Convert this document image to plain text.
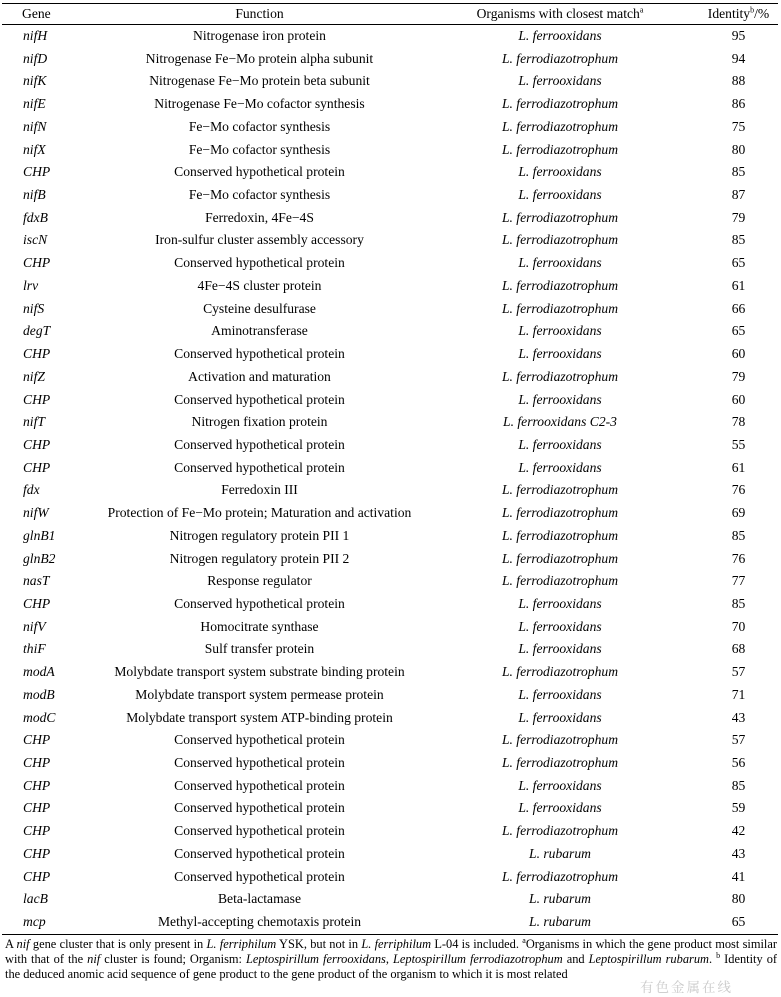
Gene	Function	Organisms with closest match$^a$	Identity$^b$/%
nifH	Nitrogenase iron protein	L. ferrooxidans	95
nifD	Nitrogenase Fe−Mo protein alpha subunit	L. ferrodiazotrophum	94
nifK	Nitrogenase Fe−Mo protein beta subunit	L. ferrooxidans	88
nifE	Nitrogenase Fe−Mo cofactor synthesis	L. ferrodiazotrophum	86
nifN	Fe−Mo cofactor synthesis	L. ferrodiazotrophum	75
nifX	Fe−Mo cofactor synthesis	L. ferrodiazotrophum	80
CHP	Conserved hypothetical protein	L. ferrooxidans	85
nifB	Fe−Mo cofactor synthesis	L. ferrooxidans	87
fdxB	Ferredoxin, 4Fe−4S	L. ferrodiazotrophum	79
iscN	Iron-sulfur cluster assembly accessory	L. ferrodiazotrophum	85
CHP	Conserved hypothetical protein	L. ferrooxidans	65
lrv	4Fe−4S cluster protein	L. ferrodiazotrophum	61
nifS	Cysteine desulfurase	L. ferrodiazotrophum	66
degT	Aminotransferase	L. ferrooxidans	65
CHP	Conserved hypothetical protein	L. ferrooxidans	60
nifZ	Activation and maturation	L. ferrodiazotrophum	79
CHP	Conserved hypothetical protein	L. ferrooxidans	60
nifT	Nitrogen fixation protein	L. ferrooxidans C2-3	78
CHP	Conserved hypothetical protein	L. ferrooxidans	55
CHP	Conserved hypothetical protein	L. ferrooxidans	61
fdx	Ferredoxin III	L. ferrodiazotrophum	76
nifW	Protection of Fe−Mo protein; Maturation and activation	L. ferrodiazotrophum	69
glnB1	Nitrogen regulatory protein PII 1	L. ferrodiazotrophum	85
glnB2	Nitrogen regulatory protein PII 2	L. ferrodiazotrophum	76
nasT	Response regulator	L. ferrodiazotrophum	77
CHP	Conserved hypothetical protein	L. ferrooxidans	85
nifV	Homocitrate synthase	L. ferrooxidans	70
thiF	Sulf transfer protein	L. ferrooxidans	68
modA	Molybdate transport system substrate binding protein	L. ferrodiazotrophum	57
modB	Molybdate transport system permease protein	L. ferrooxidans	71
modC	Molybdate transport system ATP-binding protein	L. ferrooxidans	43
CHP	Conserved hypothetical protein	L. ferrodiazotrophum	57
CHP	Conserved hypothetical protein	L. ferrodiazotrophum	56
CHP	Conserved hypothetical protein	L. ferrooxidans	85
CHP	Conserved hypothetical protein	L. ferrooxidans	59
CHP	Conserved hypothetical protein	L. ferrodiazotrophum	42
CHP	Conserved hypothetical protein	L. rubarum	43
CHP	Conserved hypothetical protein	L. ferrodiazotrophum	41
lacB	Beta-lactamase	L. rubarum	80
mcp	Methyl-accepting chemotaxis protein	L. rubarum	65
A nif gene cluster that is only present in L. ferriphilum YSK, but not in L. ferriphilum L-04 is included. $^a$Organisms in which the gene product most similar with that of the nif cluster is found; Organism: Leptospirillum ferrooxidans, Leptospirillum ferrodiazotrophum and Leptospirillum rubarum. $^b$ Identity of the deduced anomic acid sequence of gene product to the gene product of the organism to which it is most related
有色金属在线
